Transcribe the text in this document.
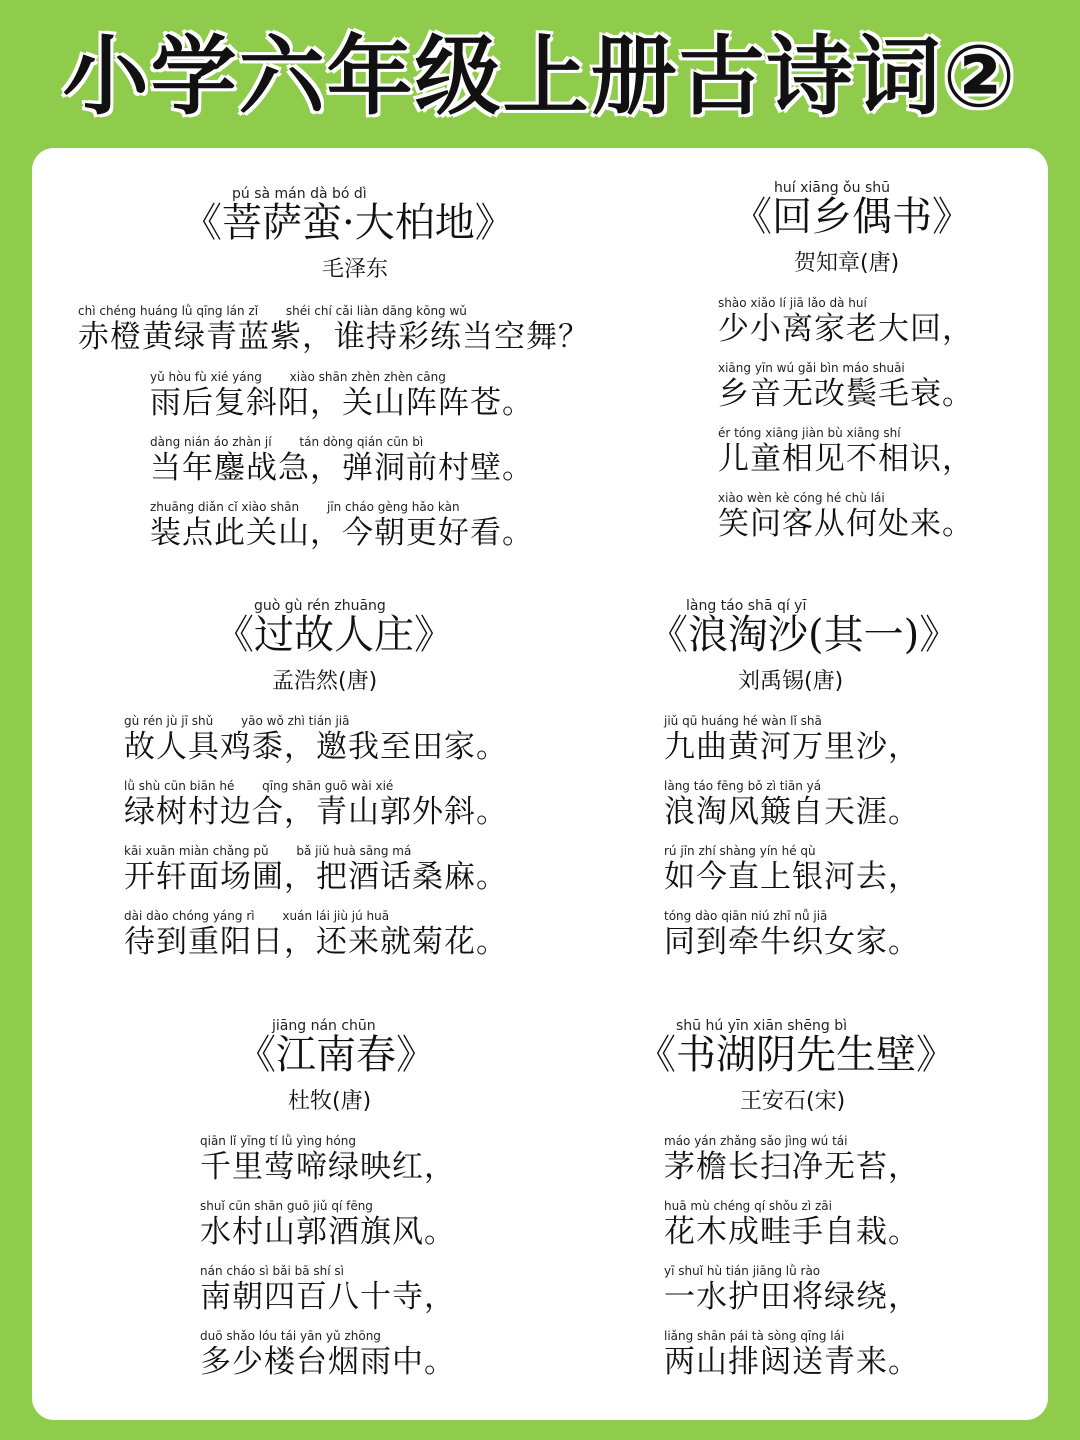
小学六年级上册古诗词②
pú sà mán dà bó dì
《菩萨蛮·大柏地》
毛泽东
chì chéng huáng lǜ qīng lán zǐ　　 shéi chí cǎi liàn dāng kōng wǔ
赤橙黄绿青蓝紫，谁持彩练当空舞？
yǔ hòu fù xié yáng　　 xiào shān zhèn zhèn cāng
雨后复斜阳，关山阵阵苍。
dàng nián áo zhàn jí　　 tán dòng qián cūn bì
当年鏖战急，弹洞前村壁。
zhuāng diǎn cǐ xiào shān　　 jīn cháo gèng hǎo kàn
装点此关山，今朝更好看。
huí xiāng ǒu shū
《回乡偶书》
贺知章(唐)
shào xiǎo lí jiā lǎo dà huí
少小离家老大回，
xiāng yīn wú gǎi bìn máo shuāi
乡音无改鬓毛衰。
ér tóng xiāng jiàn bù xiāng shí
儿童相见不相识，
xiào wèn kè cóng hé chù lái
笑问客从何处来。
guò gù rén zhuāng
《过故人庄》
孟浩然(唐)
gù rén jù jī shǔ　　 yāo wǒ zhì tián jiā
故人具鸡黍，邀我至田家。
lǜ shù cūn biān hé　　 qīng shān guō wài xié
绿树村边合，青山郭外斜。
kāi xuān miàn chǎng pǔ　　 bǎ jiǔ huà sāng má
开轩面场圃，把酒话桑麻。
dài dào chóng yáng rì　　 xuán lái jiù jú huā
待到重阳日，还来就菊花。
làng táo shā qí yī
《浪淘沙(其一)》
刘禹锡(唐)
jiǔ qū huáng hé wàn lǐ shā
九曲黄河万里沙，
làng táo fēng bǒ zì tiān yá
浪淘风簸自天涯。
rú jīn zhí shàng yín hé qù
如今直上银河去，
tóng dào qiān niú zhī nǚ jiā
同到牵牛织女家。
jiāng nán chūn
《江南春》
杜牧(唐)
qiān lǐ yīng tí lǜ yìng hóng
千里莺啼绿映红，
shuǐ cūn shān guō jiǔ qí fēng
水村山郭酒旗风。
nán cháo sì bǎi bā shí sì
南朝四百八十寺，
duō shǎo lóu tái yān yǔ zhōng
多少楼台烟雨中。
shū hú yīn xiān shēng bì
《书湖阴先生壁》
王安石(宋)
máo yán zhǎng sǎo jìng wú tái
茅檐长扫净无苔，
huā mù chéng qí shǒu zì zāi
花木成畦手自栽。
yī shuǐ hù tián jiāng lǜ rào
一水护田将绿绕，
liǎng shān pái tà sòng qīng lái
两山排闼送青来。
